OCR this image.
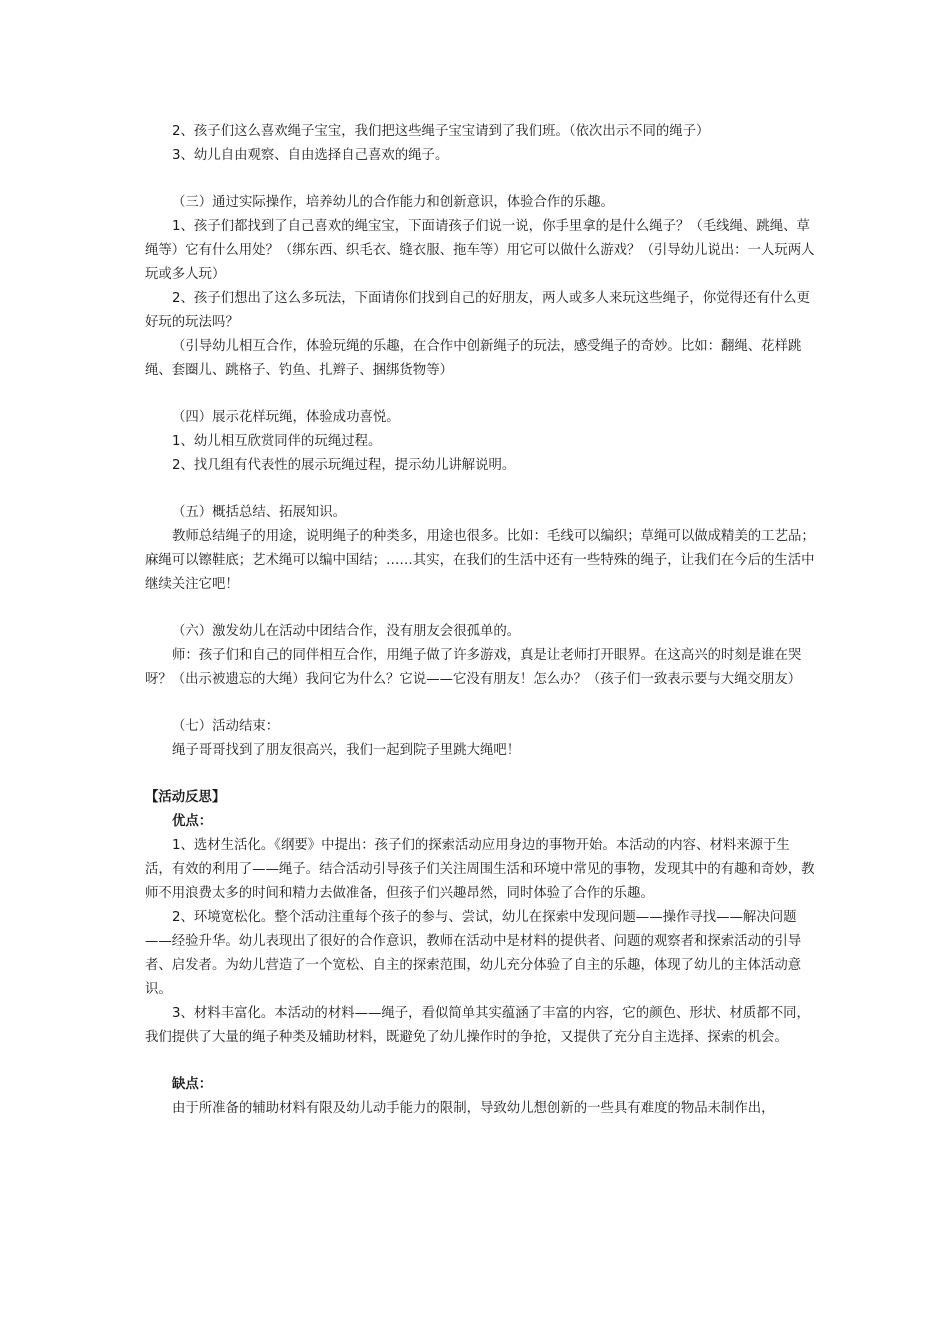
2、孩子们这么喜欢绳子宝宝，我们把这些绳子宝宝请到了我们班。（依次出示不同的绳子）

3、幼儿自由观察、自由选择自己喜欢的绳子。

（三）通过实际操作，培养幼儿的合作能力和创新意识，体验合作的乐趣。

1、孩子们都找到了自己喜欢的绳宝宝，下面请孩子们说一说，你手里拿的是什么绳子？（毛线绳、跳绳、草绳等）它有什么用处？（绑东西、织毛衣、缝衣服、拖车等）用它可以做什么游戏？（引导幼儿说出：一人玩两人玩或多人玩）

2、孩子们想出了这么多玩法，下面请你们找到自己的好朋友，两人或多人来玩这些绳子，你觉得还有什么更好玩的玩法吗？

（引导幼儿相互合作，体验玩绳的乐趣，在合作中创新绳子的玩法，感受绳子的奇妙。比如：翻绳、花样跳绳、套圈儿、跳格子、钓鱼、扎辫子、捆绑货物等）

（四）展示花样玩绳，体验成功喜悦。

1、幼儿相互欣赏同伴的玩绳过程。

2、找几组有代表性的展示玩绳过程，提示幼儿讲解说明。

（五）概括总结、拓展知识。

教师总结绳子的用途，说明绳子的种类多，用途也很多。比如：毛线可以编织；草绳可以做成精美的工艺品；麻绳可以镲鞋底；艺术绳可以编中国结；……其实，在我们的生活中还有一些特殊的绳子，让我们在今后的生活中继续关注它吧！

（六）激发幼儿在活动中团结合作，没有朋友会很孤单的。

师：孩子们和自己的同伴相互合作，用绳子做了许多游戏，真是让老师打开眼界。在这高兴的时刻是谁在哭呀？（出示被遗忘的大绳）我问它为什么？它说——它没有朋友！怎么办？（孩子们一致表示要与大绳交朋友）

（七）活动结束：

绳子哥哥找到了朋友很高兴，我们一起到院子里跳大绳吧！

【活动反思】

优点：

1、选材生活化。《纲要》中提出：孩子们的探索活动应用身边的事物开始。本活动的内容、材料来源于生活，有效的利用了——绳子。结合活动引导孩子们关注周围生活和环境中常见的事物，发现其中的有趣和奇妙，教师不用浪费太多的时间和精力去做准备，但孩子们兴趣昂然，同时体验了合作的乐趣。

2、环境宽松化。整个活动注重每个孩子的参与、尝试，幼儿在探索中发现问题——操作寻找——解决问题——经验升华。幼儿表现出了很好的合作意识，教师在活动中是材料的提供者、问题的观察者和探索活动的引导者、启发者。为幼儿营造了一个宽松、自主的探索范围，幼儿充分体验了自主的乐趣，体现了幼儿的主体活动意识。

3、材料丰富化。本活动的材料——绳子，看似简单其实蕴涵了丰富的内容，它的颜色、形状、材质都不同，我们提供了大量的绳子种类及辅助材料，既避免了幼儿操作时的争抢，又提供了充分自主选择、探索的机会。

缺点：

由于所准备的辅助材料有限及幼儿动手能力的限制，导致幼儿想创新的一些具有难度的物品未制作出，
